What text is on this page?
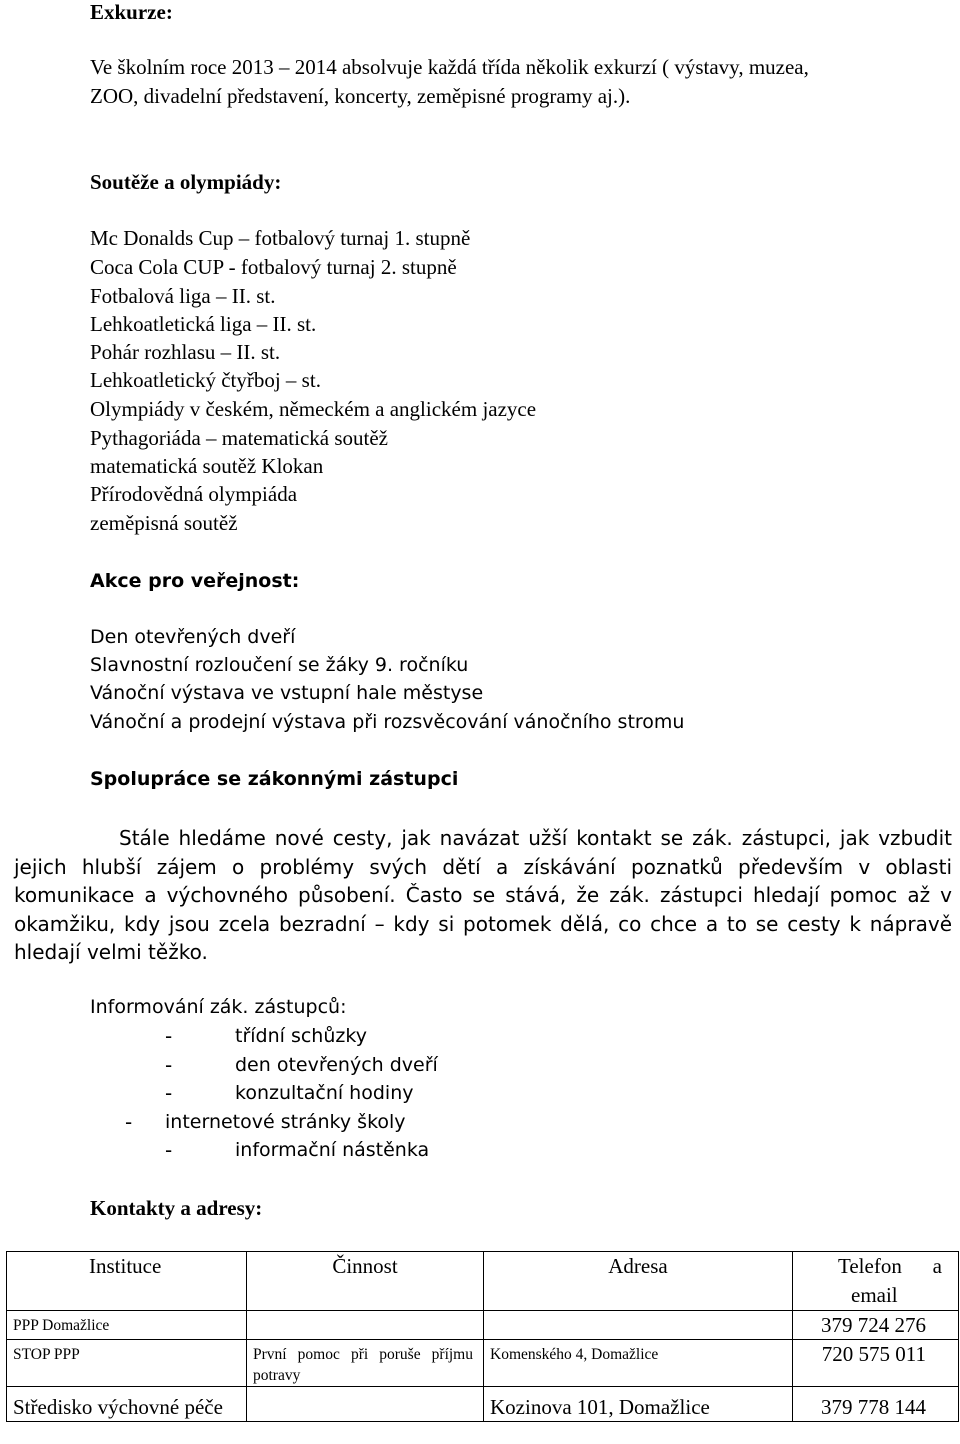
Exkurze:
Ve školním roce 2013 – 2014 absolvuje každá třída několik exkurzí ( výstavy, muzea,
ZOO, divadelní představení, koncerty, zeměpisné programy aj.).
Soutěže a olympiády:
Mc Donalds Cup – fotbalový turnaj 1. stupně
Coca Cola CUP - fotbalový turnaj 2. stupně
Fotbalová liga – II. st.
Lehkoatletická liga – II. st.
Pohár rozhlasu – II. st.
Lehkoatletický čtyřboj – st.
Olympiády v českém, německém a anglickém jazyce
Pythagoriáda – matematická soutěž
matematická soutěž Klokan
Přírodovědná olympiáda
zeměpisná soutěž
Akce pro veřejnost:
Den otevřených dveří
Slavnostní rozloučení se žáky 9. ročníku
Vánoční výstava ve vstupní hale městyse
Vánoční a prodejní výstava při rozsvěcování vánočního stromu
Spolupráce se zákonnými zástupci
Stále hledáme nové cesty, jak navázat užší kontakt se zák. zástupci, jak vzbudit jejich hlubší zájem o problémy svých dětí a získávání poznatků především v oblasti komunikace a výchovného působení. Často se stává, že zák. zástupci hledají pomoc až v okamžiku, kdy jsou zcela bezradní – kdy si potomek dělá, co chce a to se cesty k nápravě hledají velmi těžko.
Informování zák. zástupců:
-	třídní schůzky
-	den otevřených dveří
-	konzultační hodiny
- internetové stránky školy
-	informační nástěnka
Kontakty a adresy:
Instituce	Činnost	Adresa	Telefon a
email

PPP Domažlice			379 724 276
STOP PPP	První pomoc při poruše příjmu potravy	Komenského 4, Domažlice	720 575 011
Středisko výchovné péče		Kozinova 101, Domažlice	379 778 144
